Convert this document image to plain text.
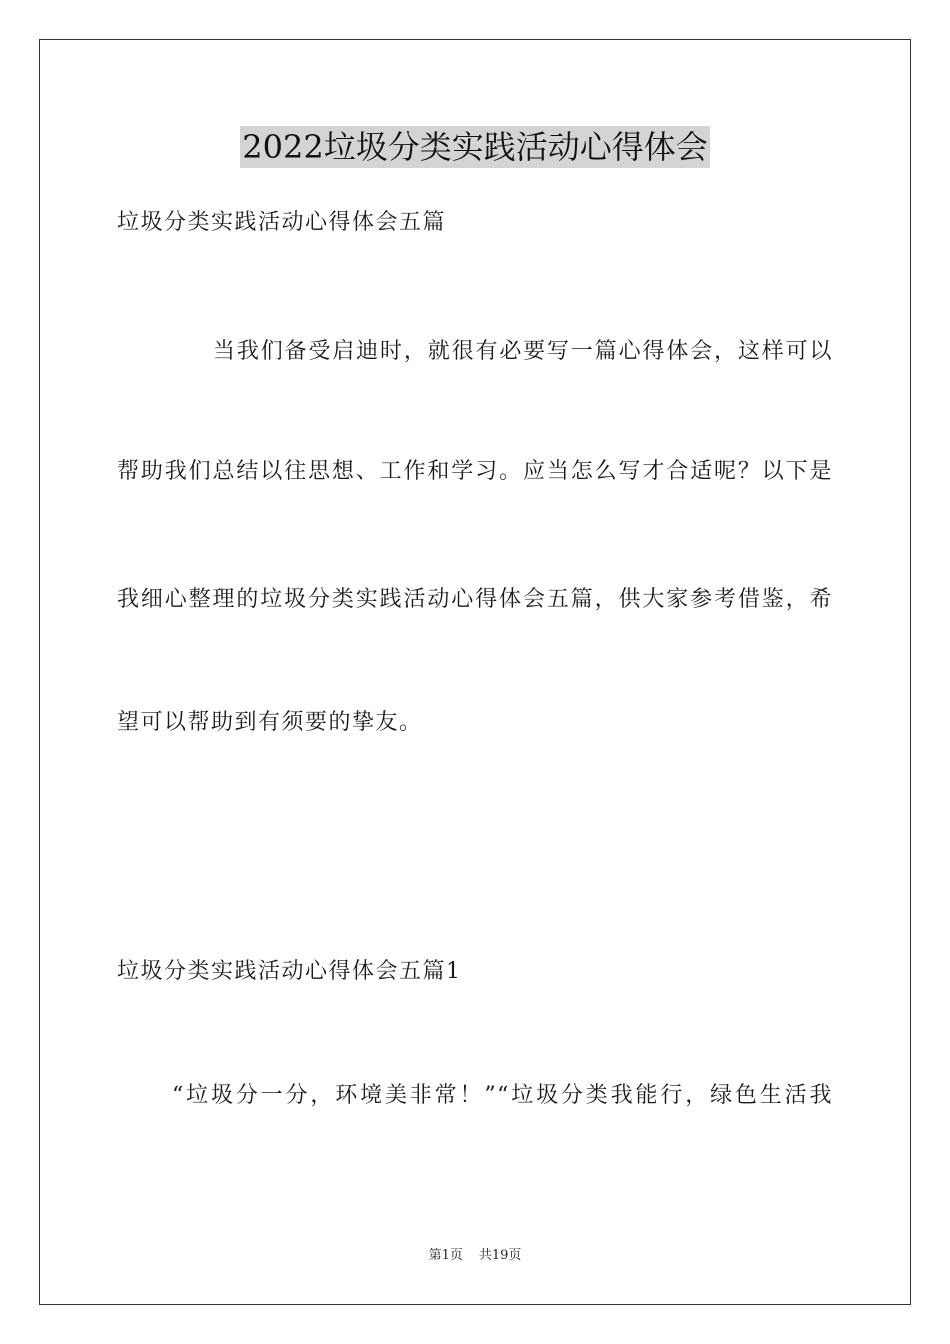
2022垃圾分类实践活动心得体会
垃圾分类实践活动心得体会五篇
当我们备受启迪时，就很有必要写一篇心得体会，这样可以
帮助我们总结以往思想、工作和学习。应当怎么写才合适呢？以下是
我细心整理的垃圾分类实践活动心得体会五篇，供大家参考借鉴，希
望可以帮助到有须要的挚友。
垃圾分类实践活动心得体会五篇1
“垃圾分一分，环境美非常！”“垃圾分类我能行，绿色生活我
第1页 共19页
